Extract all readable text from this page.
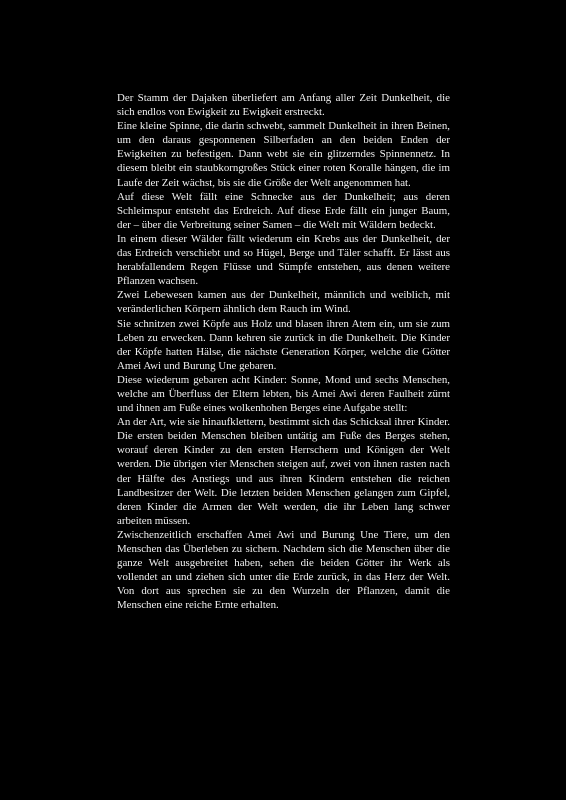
Der Stamm der Dajaken überliefert am Anfang aller Zeit Dunkelheit, die sich endlos von Ewigkeit zu Ewigkeit erstreckt.

Eine kleine Spinne, die darin schwebt, sammelt Dunkelheit in ihren Beinen, um den daraus gesponnenen Silberfaden an den beiden Enden der Ewigkeiten zu befestigen. Dann webt sie ein glitzerndes Spinnennetz. In diesem bleibt ein staubkorngroßes Stück einer roten Koralle hängen, die im Laufe der Zeit wächst, bis sie die Größe der Welt angenommen hat.

Auf diese Welt fällt eine Schnecke aus der Dunkelheit; aus deren Schleimspur entsteht das Erdreich. Auf diese Erde fällt ein junger Baum, der – über die Verbreitung seiner Samen – die Welt mit Wäldern bedeckt.

In einem dieser Wälder fällt wiederum ein Krebs aus der Dunkelheit, der das Erdreich verschiebt und so Hügel, Berge und Täler schafft. Er lässt aus herabfallendem Regen Flüsse und Sümpfe entstehen, aus denen weitere Pflanzen wachsen.

Zwei Lebewesen kamen aus der Dunkelheit, männlich und weiblich, mit veränderlichen Körpern ähnlich dem Rauch im Wind.

Sie schnitzen zwei Köpfe aus Holz und blasen ihren Atem ein, um sie zum Leben zu erwecken. Dann kehren sie zurück in die Dunkelheit. Die Kinder der Köpfe hatten Hälse, die nächste Generation Körper, welche die Götter Amei Awi und Burung Une gebaren.

Diese wiederum gebaren acht Kinder: Sonne, Mond und sechs Menschen, welche am Überfluss der Eltern lebten, bis Amei Awi deren Faulheit zürnt und ihnen am Fuße eines wolkenhohen Berges eine Aufgabe stellt:

An der Art, wie sie hinaufklettern, bestimmt sich das Schicksal ihrer Kinder. Die ersten beiden Menschen bleiben untätig am Fuße des Berges stehen, worauf deren Kinder zu den ersten Herrschern und Königen der Welt werden. Die übrigen vier Menschen steigen auf, zwei von ihnen rasten nach der Hälfte des Anstiegs und aus ihren Kindern entstehen die reichen Landbesitzer der Welt. Die letzten beiden Menschen gelangen zum Gipfel, deren Kinder die Armen der Welt werden, die ihr Leben lang schwer arbeiten müssen.

Zwischenzeitlich erschaffen Amei Awi und Burung Une Tiere, um den Menschen das Überleben zu sichern. Nachdem sich die Menschen über die ganze Welt ausgebreitet haben, sehen die beiden Götter ihr Werk als vollendet an und ziehen sich unter die Erde zurück, in das Herz der Welt. Von dort aus sprechen sie zu den Wurzeln der Pflanzen, damit die Menschen eine reiche Ernte erhalten.
